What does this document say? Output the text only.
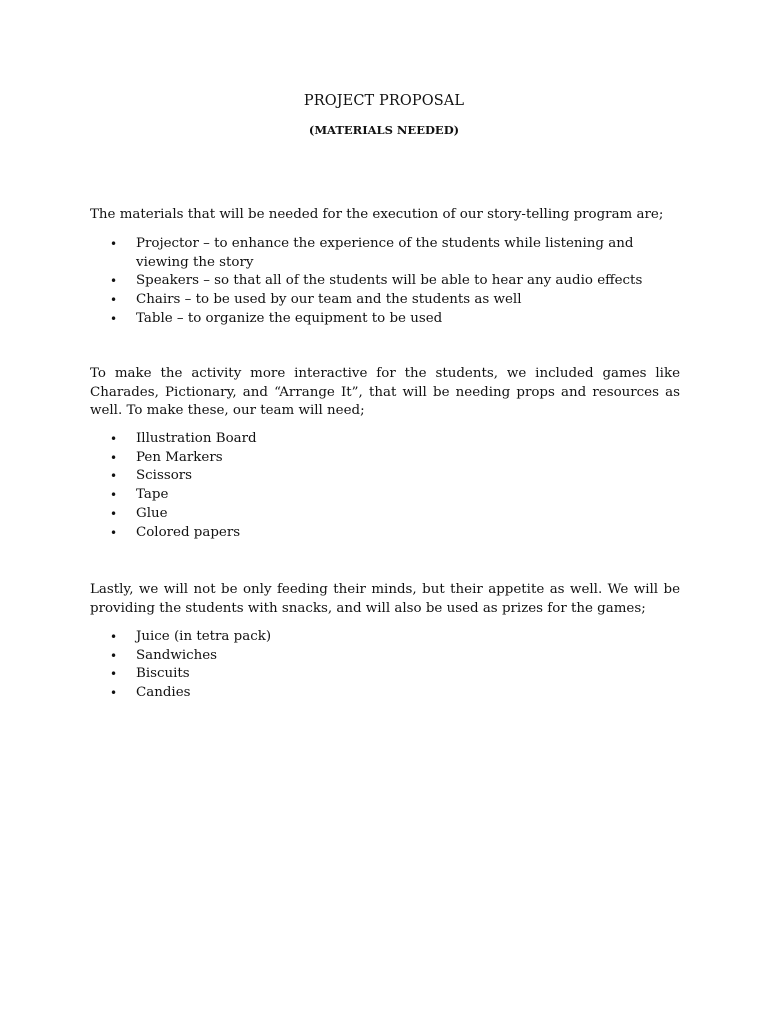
PROJECT PROPOSAL
(MATERIALS NEEDED)

The materials that will be needed for the execution of our story-telling program are;

• Projector – to enhance the experience of the students while listening and viewing the story
• Speakers – so that all of the students will be able to hear any audio effects
• Chairs – to be used by our team and the students as well
• Table – to organize the equipment to be used

To make the activity more interactive for the students, we included games like Charades, Pictionary, and “Arrange It”, that will be needing props and resources as well. To make these, our team will need;

• Illustration Board
• Pen Markers
• Scissors
• Tape
• Glue
• Colored papers

Lastly, we will not be only feeding their minds, but their appetite as well. We will be providing the students with snacks, and will also be used as prizes for the games;

• Juice (in tetra pack)
• Sandwiches
• Biscuits
• Candies
